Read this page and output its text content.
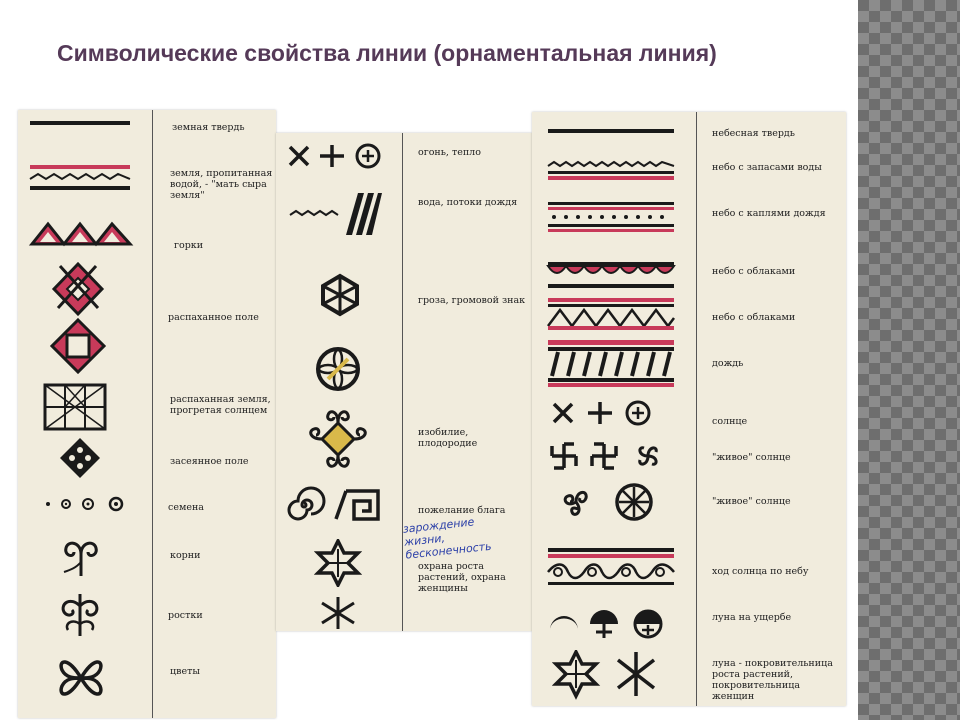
Символические свойства линии (орнаментальная линия)
земная твердь
земля, пропитанная водой, - "мать сыра земля"
горки
распаханное поле
распаханная земля, прогретая солнцем
засеянное поле
семена
корни
ростки
цветы
огонь, тепло
вода, потоки дождя
гроза, громовой знак
изобилие, плодородие
пожелание блага
зарождение жизни, бесконечность
охрана роста растений, охрана женщины
небесная твердь
небо с запасами воды
небо с каплями дождя
небо с облаками
небо с облаками
дождь
солнце
"живое" солнце
"живое" солнце
ход солнца по небу
луна на ущербе
луна - покровительница роста растений, покровительница женщин
